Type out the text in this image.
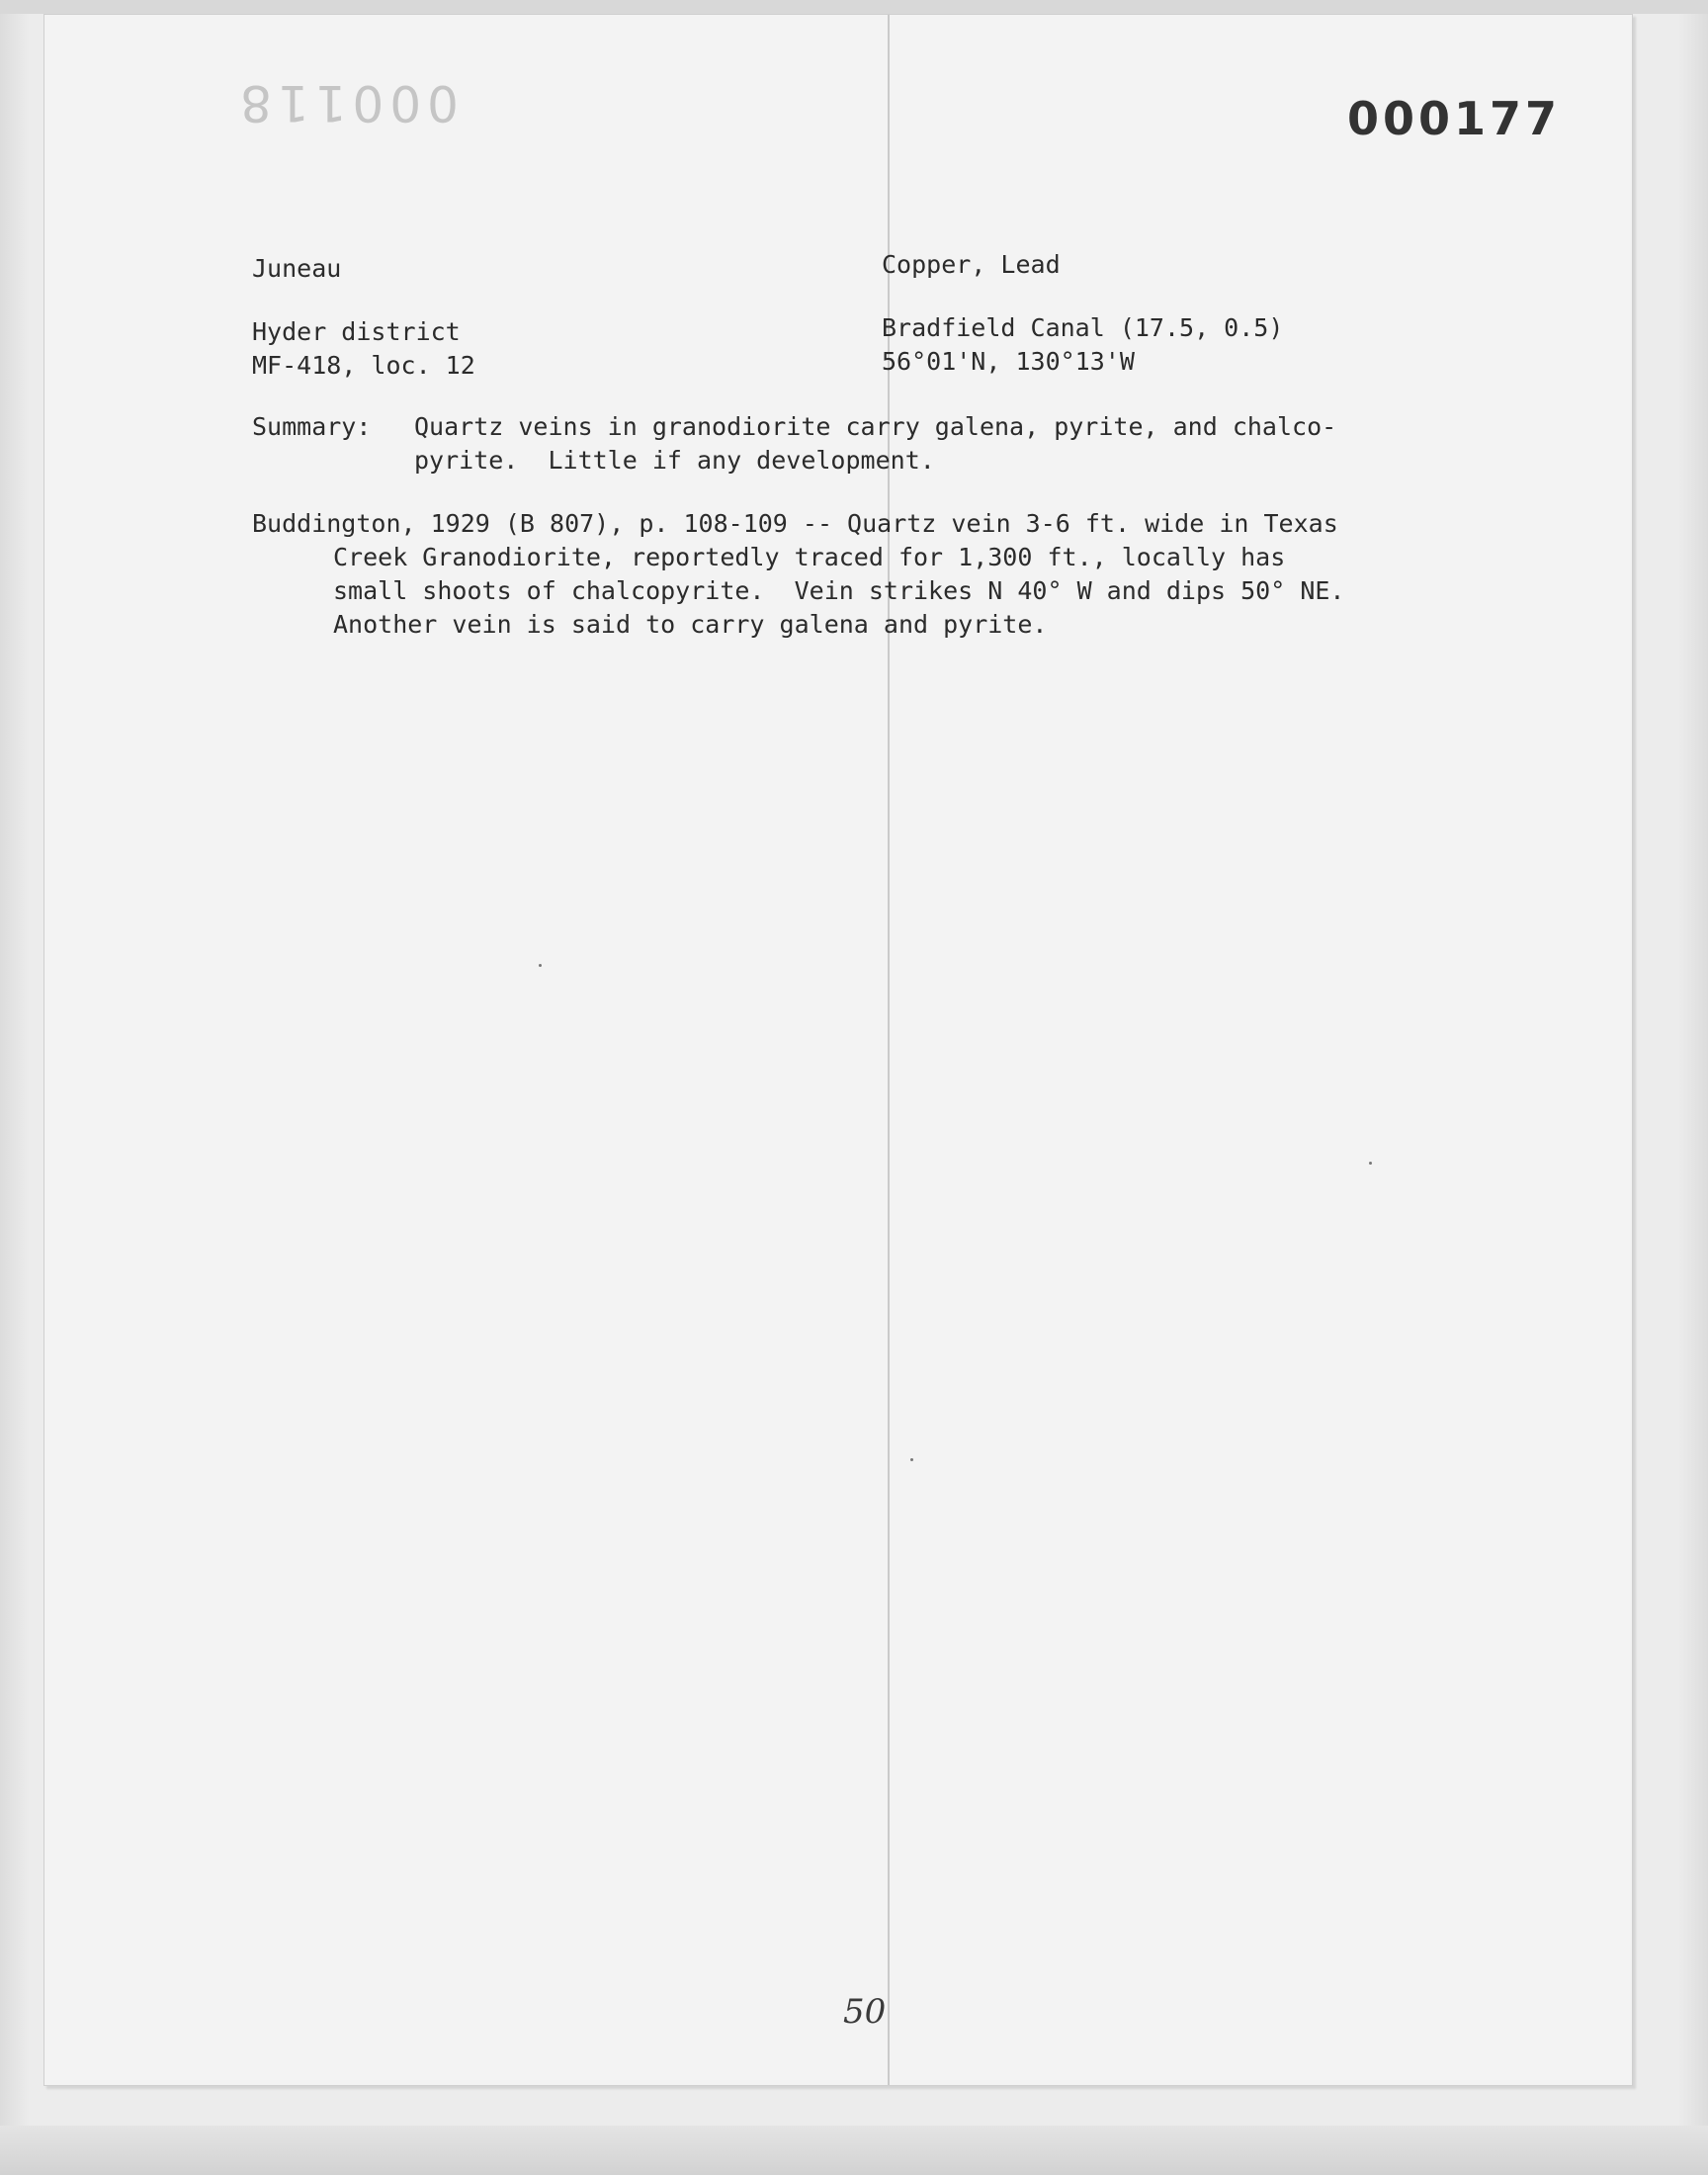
000118	000177
Juneau	Copper, Lead
Hyder district	Bradfield Canal (17.5, 0.5)
MF-418, loc. 12	56°01'N, 130°13'W
Summary: Quartz veins in granodiorite carry galena, pyrite, and chalco-
pyrite.  Little if any development.
Buddington, 1929 (B 807), p. 108-109 -- Quartz vein 3-6 ft. wide in Texas
Creek Granodiorite, reportedly traced for 1,300 ft., locally has
small shoots of chalcopyrite.  Vein strikes N 40° W and dips 50° NE.
Another vein is said to carry galena and pyrite.
50
